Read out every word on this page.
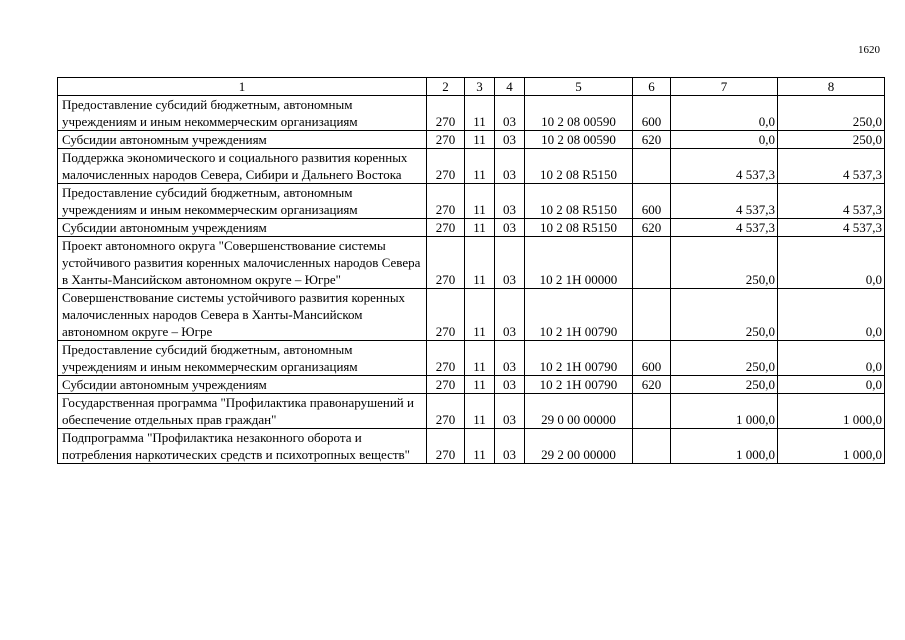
1620
1	2	3	4	5	6	7	8
Предоставление субсидий бюджетным, автономным учреждениям и иным некоммерческим организациям	270	11	03	10 2 08 00590	600	0,0	250,0
Субсидии автономным учреждениям	270	11	03	10 2 08 00590	620	0,0	250,0
Поддержка экономического и социального развития коренных малочисленных народов Севера, Сибири и Дальнего Востока	270	11	03	10 2 08 R5150		4 537,3	4 537,3
Предоставление субсидий бюджетным, автономным учреждениям и иным некоммерческим организациям	270	11	03	10 2 08 R5150	600	4 537,3	4 537,3
Субсидии автономным учреждениям	270	11	03	10 2 08 R5150	620	4 537,3	4 537,3
Проект автономного округа "Совершенствование системы устойчивого развития коренных малочисленных народов Севера в Ханты-Мансийском автономном округе – Югре"	270	11	03	10 2 1Н 00000		250,0	0,0
Совершенствование системы устойчивого развития коренных малочисленных народов Севера в Ханты-Мансийском автономном округе – Югре	270	11	03	10 2 1Н 00790		250,0	0,0
Предоставление субсидий бюджетным, автономным учреждениям и иным некоммерческим организациям	270	11	03	10 2 1Н 00790	600	250,0	0,0
Субсидии автономным учреждениям	270	11	03	10 2 1Н 00790	620	250,0	0,0
Государственная программа "Профилактика правонарушений и обеспечение отдельных прав граждан"	270	11	03	29 0 00 00000		1 000,0	1 000,0
Подпрограмма "Профилактика незаконного оборота и потребления наркотических средств и психотропных веществ"	270	11	03	29 2 00 00000		1 000,0	1 000,0
